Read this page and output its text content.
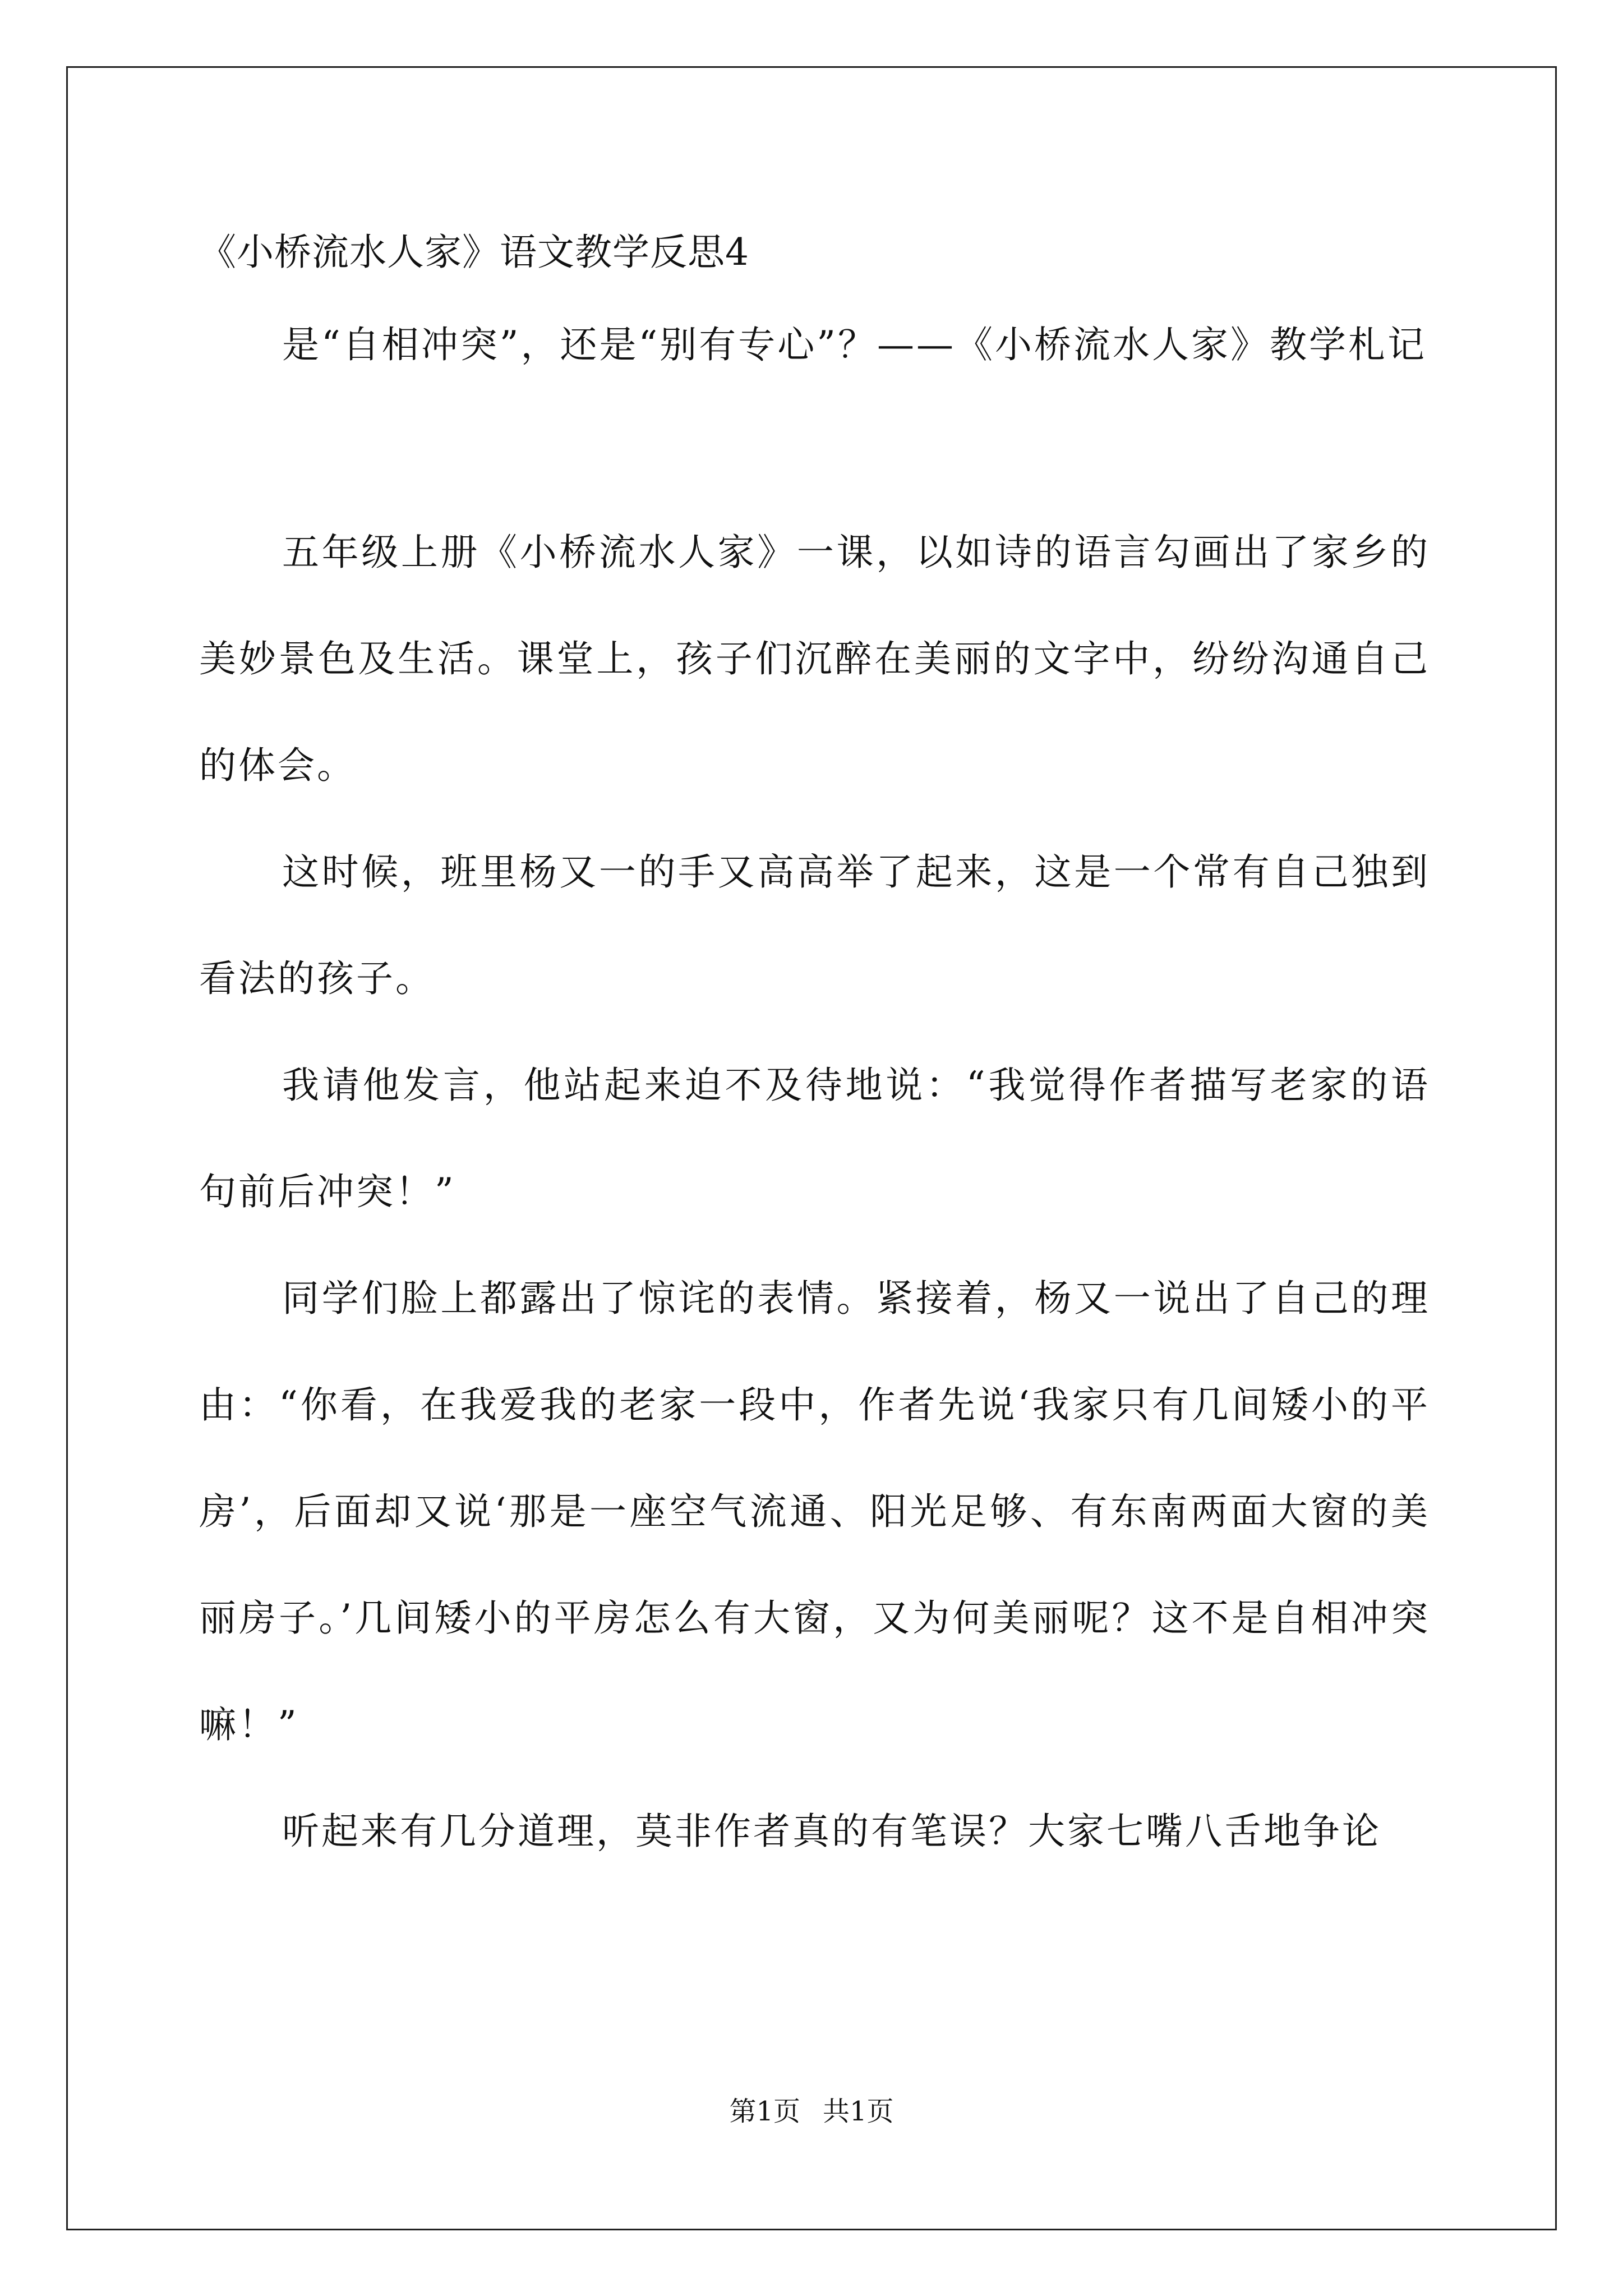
《小桥流水人家》语文教学反思4

是“自相冲突”，还是“别有专心”？——《小桥流水人家》教学札记

五年级上册《小桥流水人家》一课，以如诗的语言勾画出了家乡的美妙景色及生活。课堂上，孩子们沉醉在美丽的文字中，纷纷沟通自己的体会。

这时候，班里杨又一的手又高高举了起来，这是一个常有自己独到看法的孩子。

我请他发言，他站起来迫不及待地说：“我觉得作者描写老家的语句前后冲突！”

同学们脸上都露出了惊诧的表情。紧接着，杨又一说出了自己的理由：“你看，在我爱我的老家一段中，作者先说‘我家只有几间矮小的平房’，后面却又说‘那是一座空气流通、阳光足够、有东南两面大窗的美丽房子。’几间矮小的平房怎么有大窗，又为何美丽呢？这不是自相冲突嘛！”

听起来有几分道理，莫非作者真的有笔误？大家七嘴八舌地争论

第1页 共1页
